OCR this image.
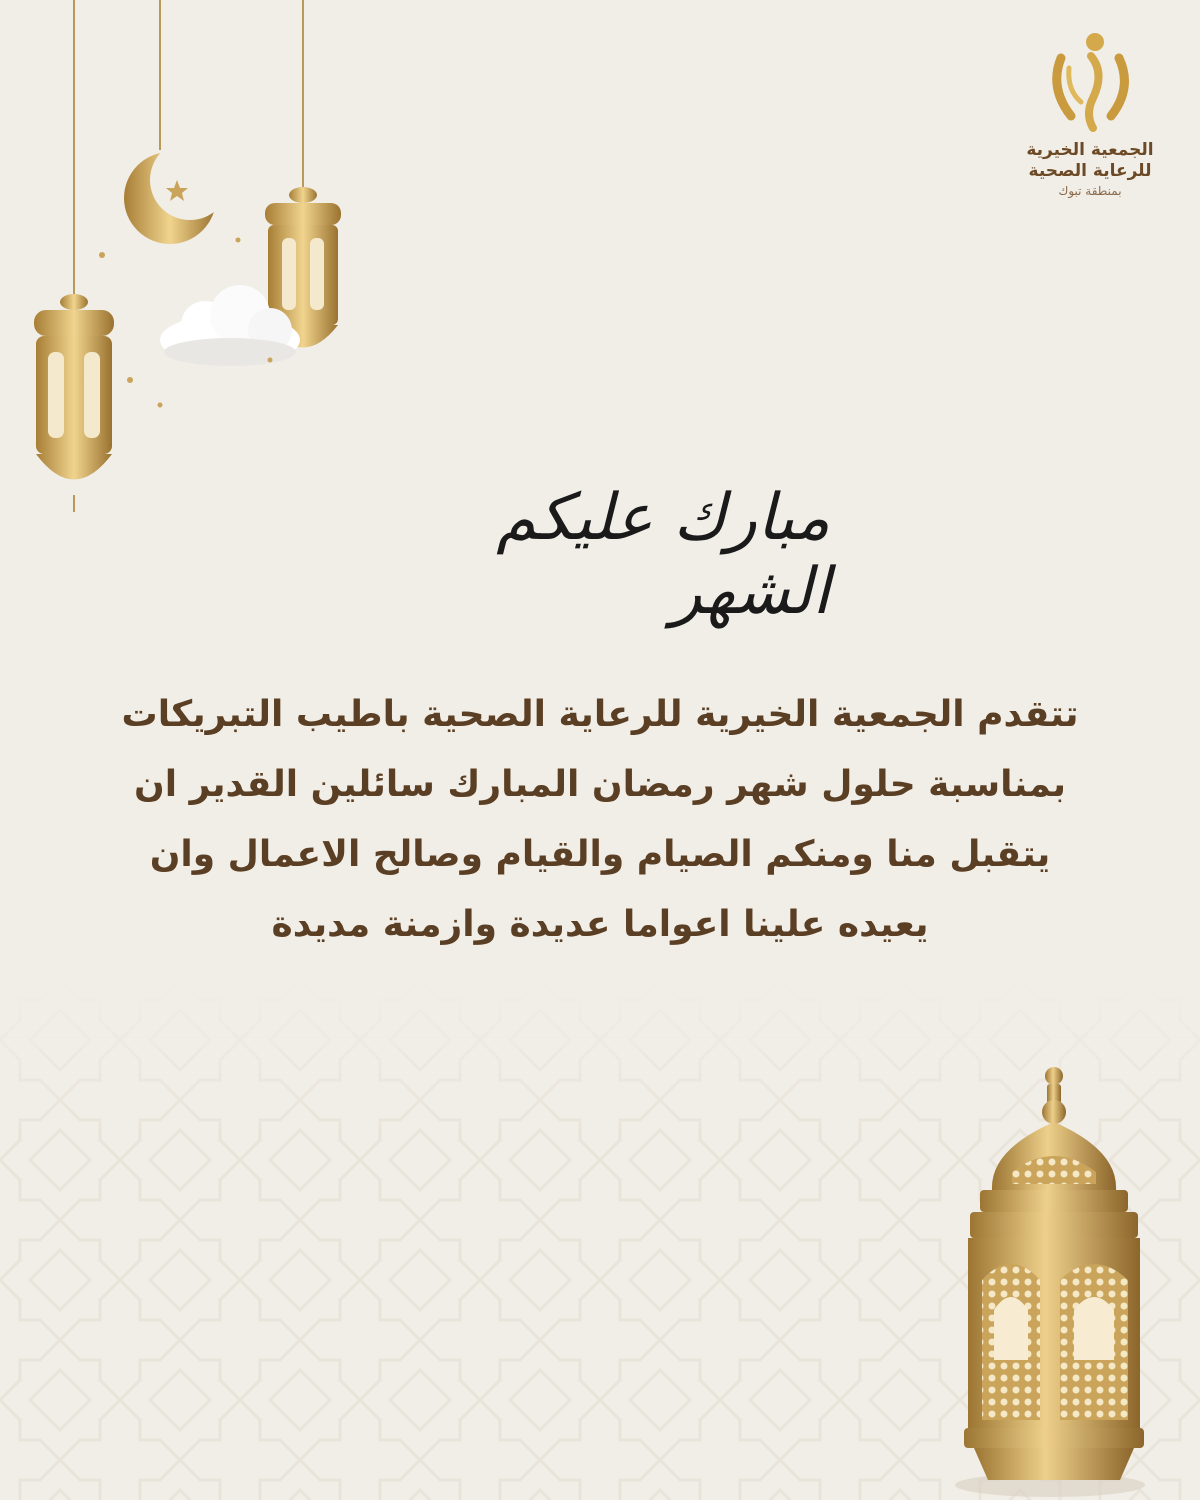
الجمعية الخيرية
للرعاية الصحية
بمنطقة تبوك
مبارك عليكم الشهر
تتقدم الجمعية الخيرية للرعاية الصحية باطيب التبريكات
بمناسبة حلول شهر رمضان المبارك سائلين القدير ان
يتقبل منا ومنكم الصيام والقيام وصالح الاعمال وان
يعيده علينا اعواما عديدة وازمنة مديدة
